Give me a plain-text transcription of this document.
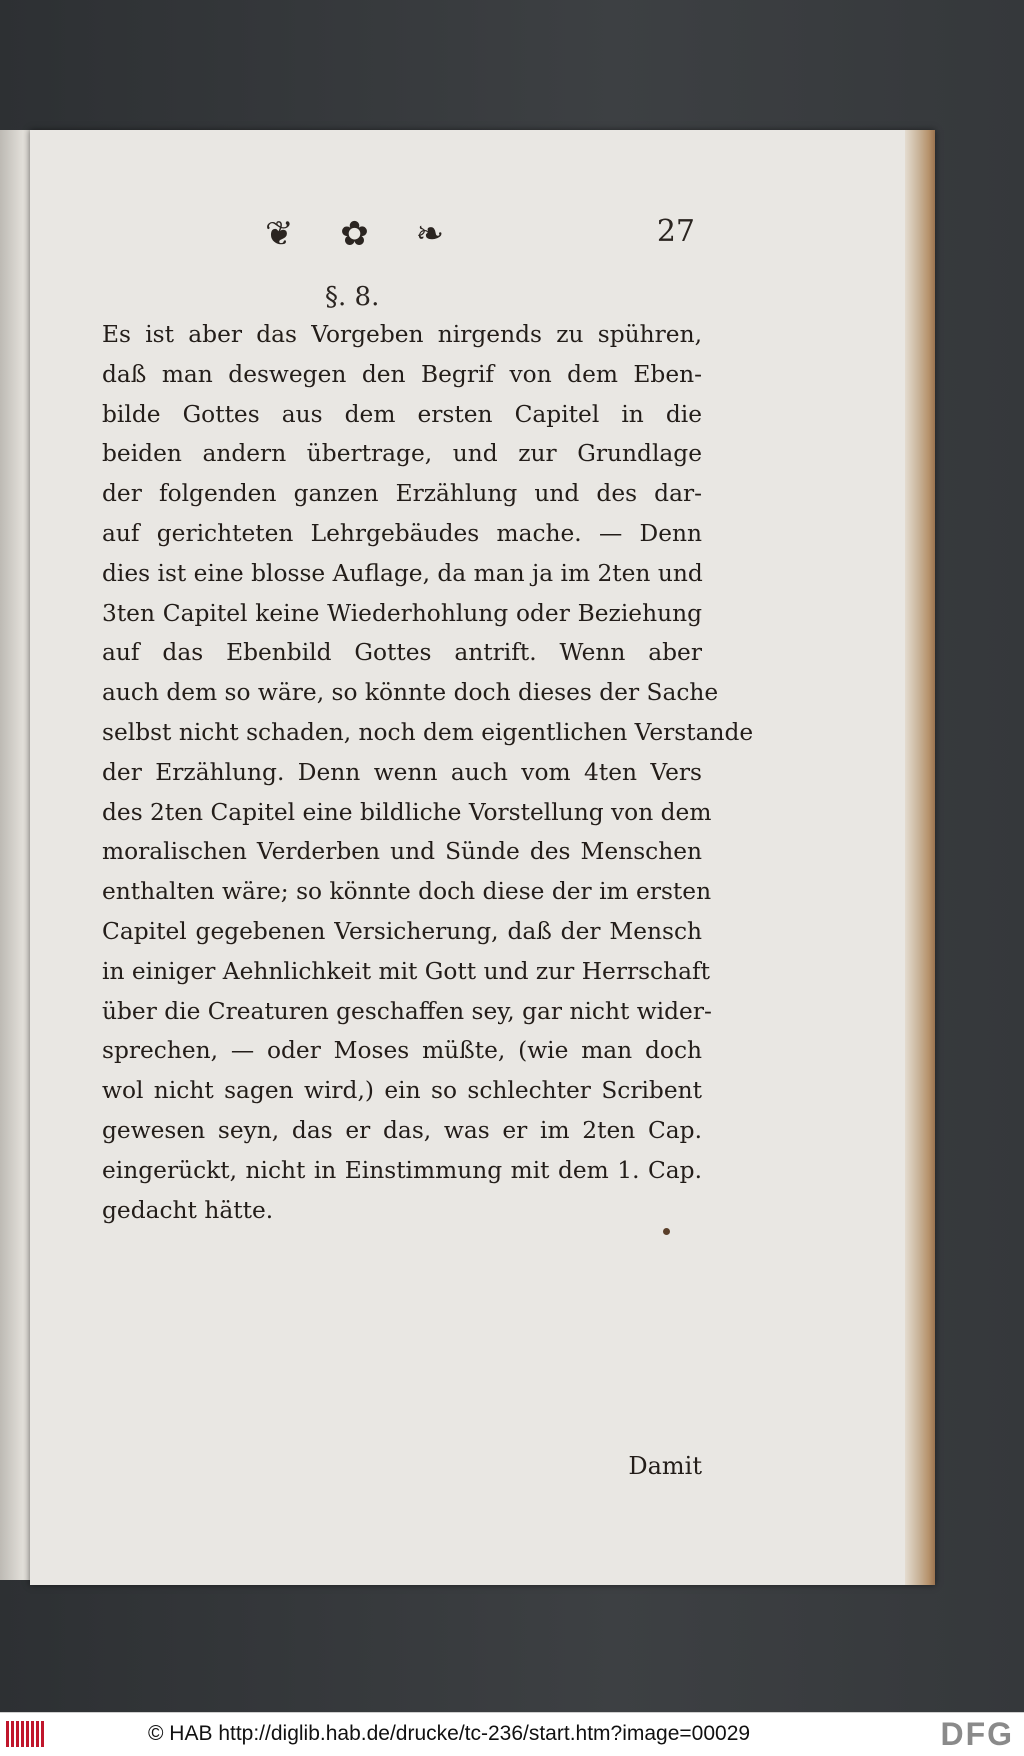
❦ ✿ ❧	27
§. 8.
Es ist aber das Vorgeben nirgends zu spühren,
daß man deswegen den Begrif von dem Eben-
bilde Gottes aus dem ersten Capitel in die
beiden andern übertrage, und zur Grundlage
der folgenden ganzen Erzählung und des dar-
auf gerichteten Lehrgebäudes mache. — Denn
dies ist eine blosse Auflage, da man ja im 2ten und
3ten Capitel keine Wiederhohlung oder Beziehung
auf das Ebenbild Gottes antrift. Wenn aber
auch dem so wäre, so könnte doch dieses der Sache
selbst nicht schaden, noch dem eigentlichen Verstande
der Erzählung. Denn wenn auch vom 4ten Vers
des 2ten Capitel eine bildliche Vorstellung von dem
moralischen Verderben und Sünde des Menschen
enthalten wäre; so könnte doch diese der im ersten
Capitel gegebenen Versicherung, daß der Mensch
in einiger Aehnlichkeit mit Gott und zur Herrschaft
über die Creaturen geschaffen sey, gar nicht wider-
sprechen, — oder Moses müßte, (wie man doch
wol nicht sagen wird,) ein so schlechter Scribent
gewesen seyn, das er das, was er im 2ten Cap.
eingerückt, nicht in Einstimmung mit dem 1. Cap.
gedacht hätte.
Damit
© HAB http://diglib.hab.de/drucke/tc-236/start.htm?image=00029	DFG
